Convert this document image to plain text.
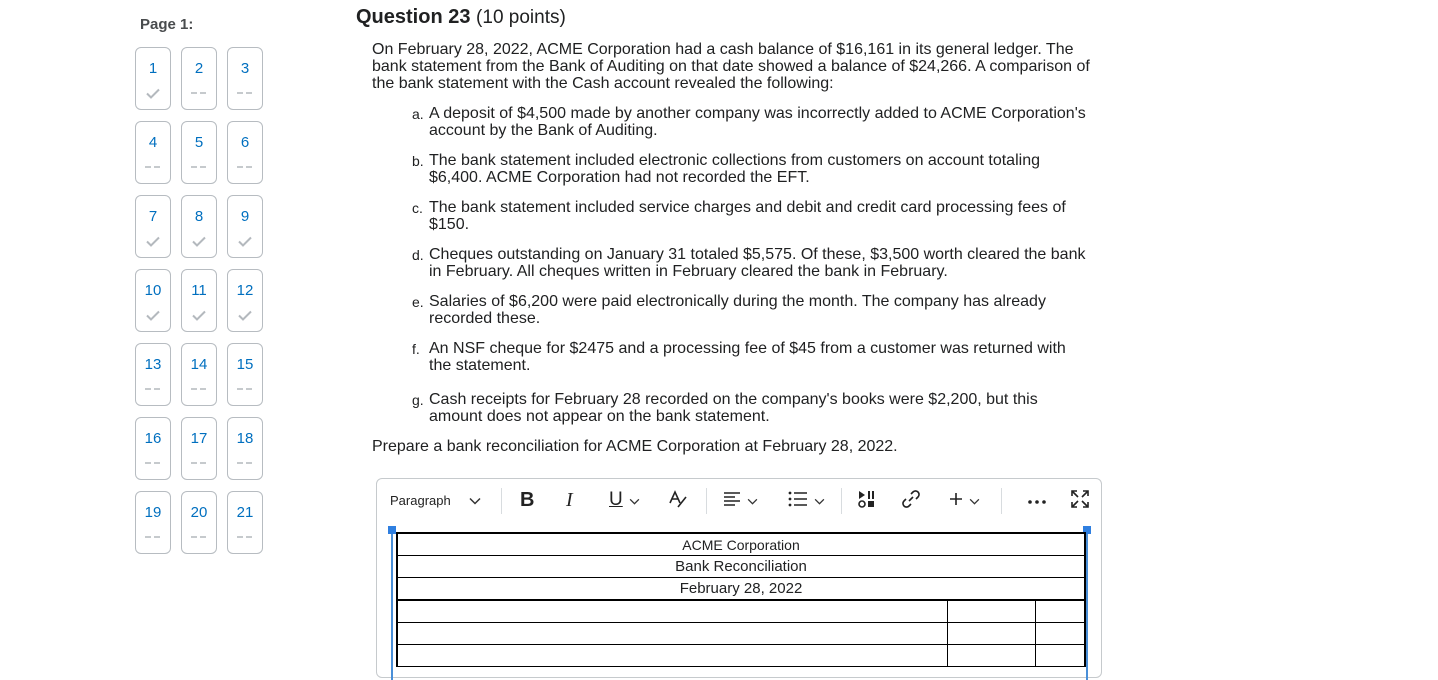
Page 1:
1	2	3
4	5	6
7	8	9
10 11 12
13 14 15
16 17 18
19 20 21
Question 23 (10 points)

On February 28, 2022, ACME Corporation had a cash balance of $16,161 in its general ledger. The bank statement from the Bank of Auditing on that date showed a balance of $24,266. A comparison of the bank statement with the Cash account revealed the following:

a. A deposit of $4,500 made by another company was incorrectly added to ACME Corporation's account by the Bank of Auditing.
b. The bank statement included electronic collections from customers on account totaling $6,400. ACME Corporation had not recorded the EFT.
c. The bank statement included service charges and debit and credit card processing fees of $150.
d. Cheques outstanding on January 31 totaled $5,575. Of these, $3,500 worth cleared the bank in February. All cheques written in February cleared the bank in February.
e. Salaries of $6,200 were paid electronically during the month. The company has already recorded these.
f. An NSF cheque for $2475 and a processing fee of $45 from a customer was returned with the statement.
g. Cash receipts for February 28 recorded on the company's books were $2,200, but this amount does not appear on the bank statement.

Prepare a bank reconciliation for ACME Corporation at February 28, 2022.

Paragraph	B I U
ACME Corporation		
Bank Reconciliation		
February 28, 2022		
